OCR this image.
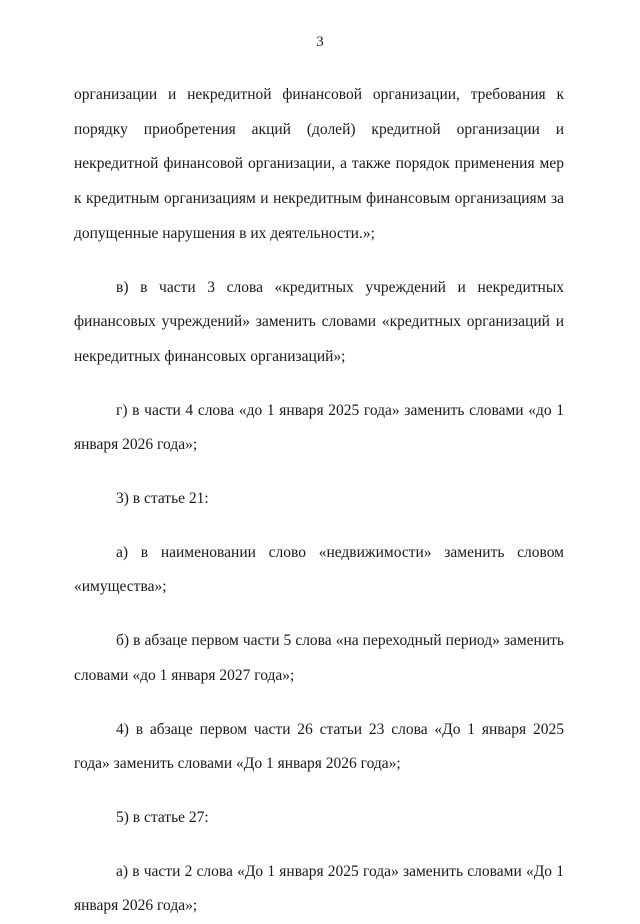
3

организации и некредитной финансовой организации, требования к порядку приобретения акций (долей) кредитной организации и некредитной финансовой организации, а также порядок применения мер к кредитным организациям и некредитным финансовым организациям за допущенные нарушения в их деятельности.»;

в) в части 3 слова «кредитных учреждений и некредитных финансовых учреждений» заменить словами «кредитных организаций и некредитных финансовых организаций»;

г) в части 4 слова «до 1 января 2025 года» заменить словами «до 1 января 2026 года»;

3) в статье 21:

а) в наименовании слово «недвижимости» заменить словом «имущества»;

б) в абзаце первом части 5 слова «на переходный период» заменить словами «до 1 января 2027 года»;

4) в абзаце первом части 26 статьи 23 слова «До 1 января 2025 года» заменить словами «До 1 января 2026 года»;

5) в статье 27:

а) в части 2 слова «До 1 января 2025 года» заменить словами «До 1 января 2026 года»;
